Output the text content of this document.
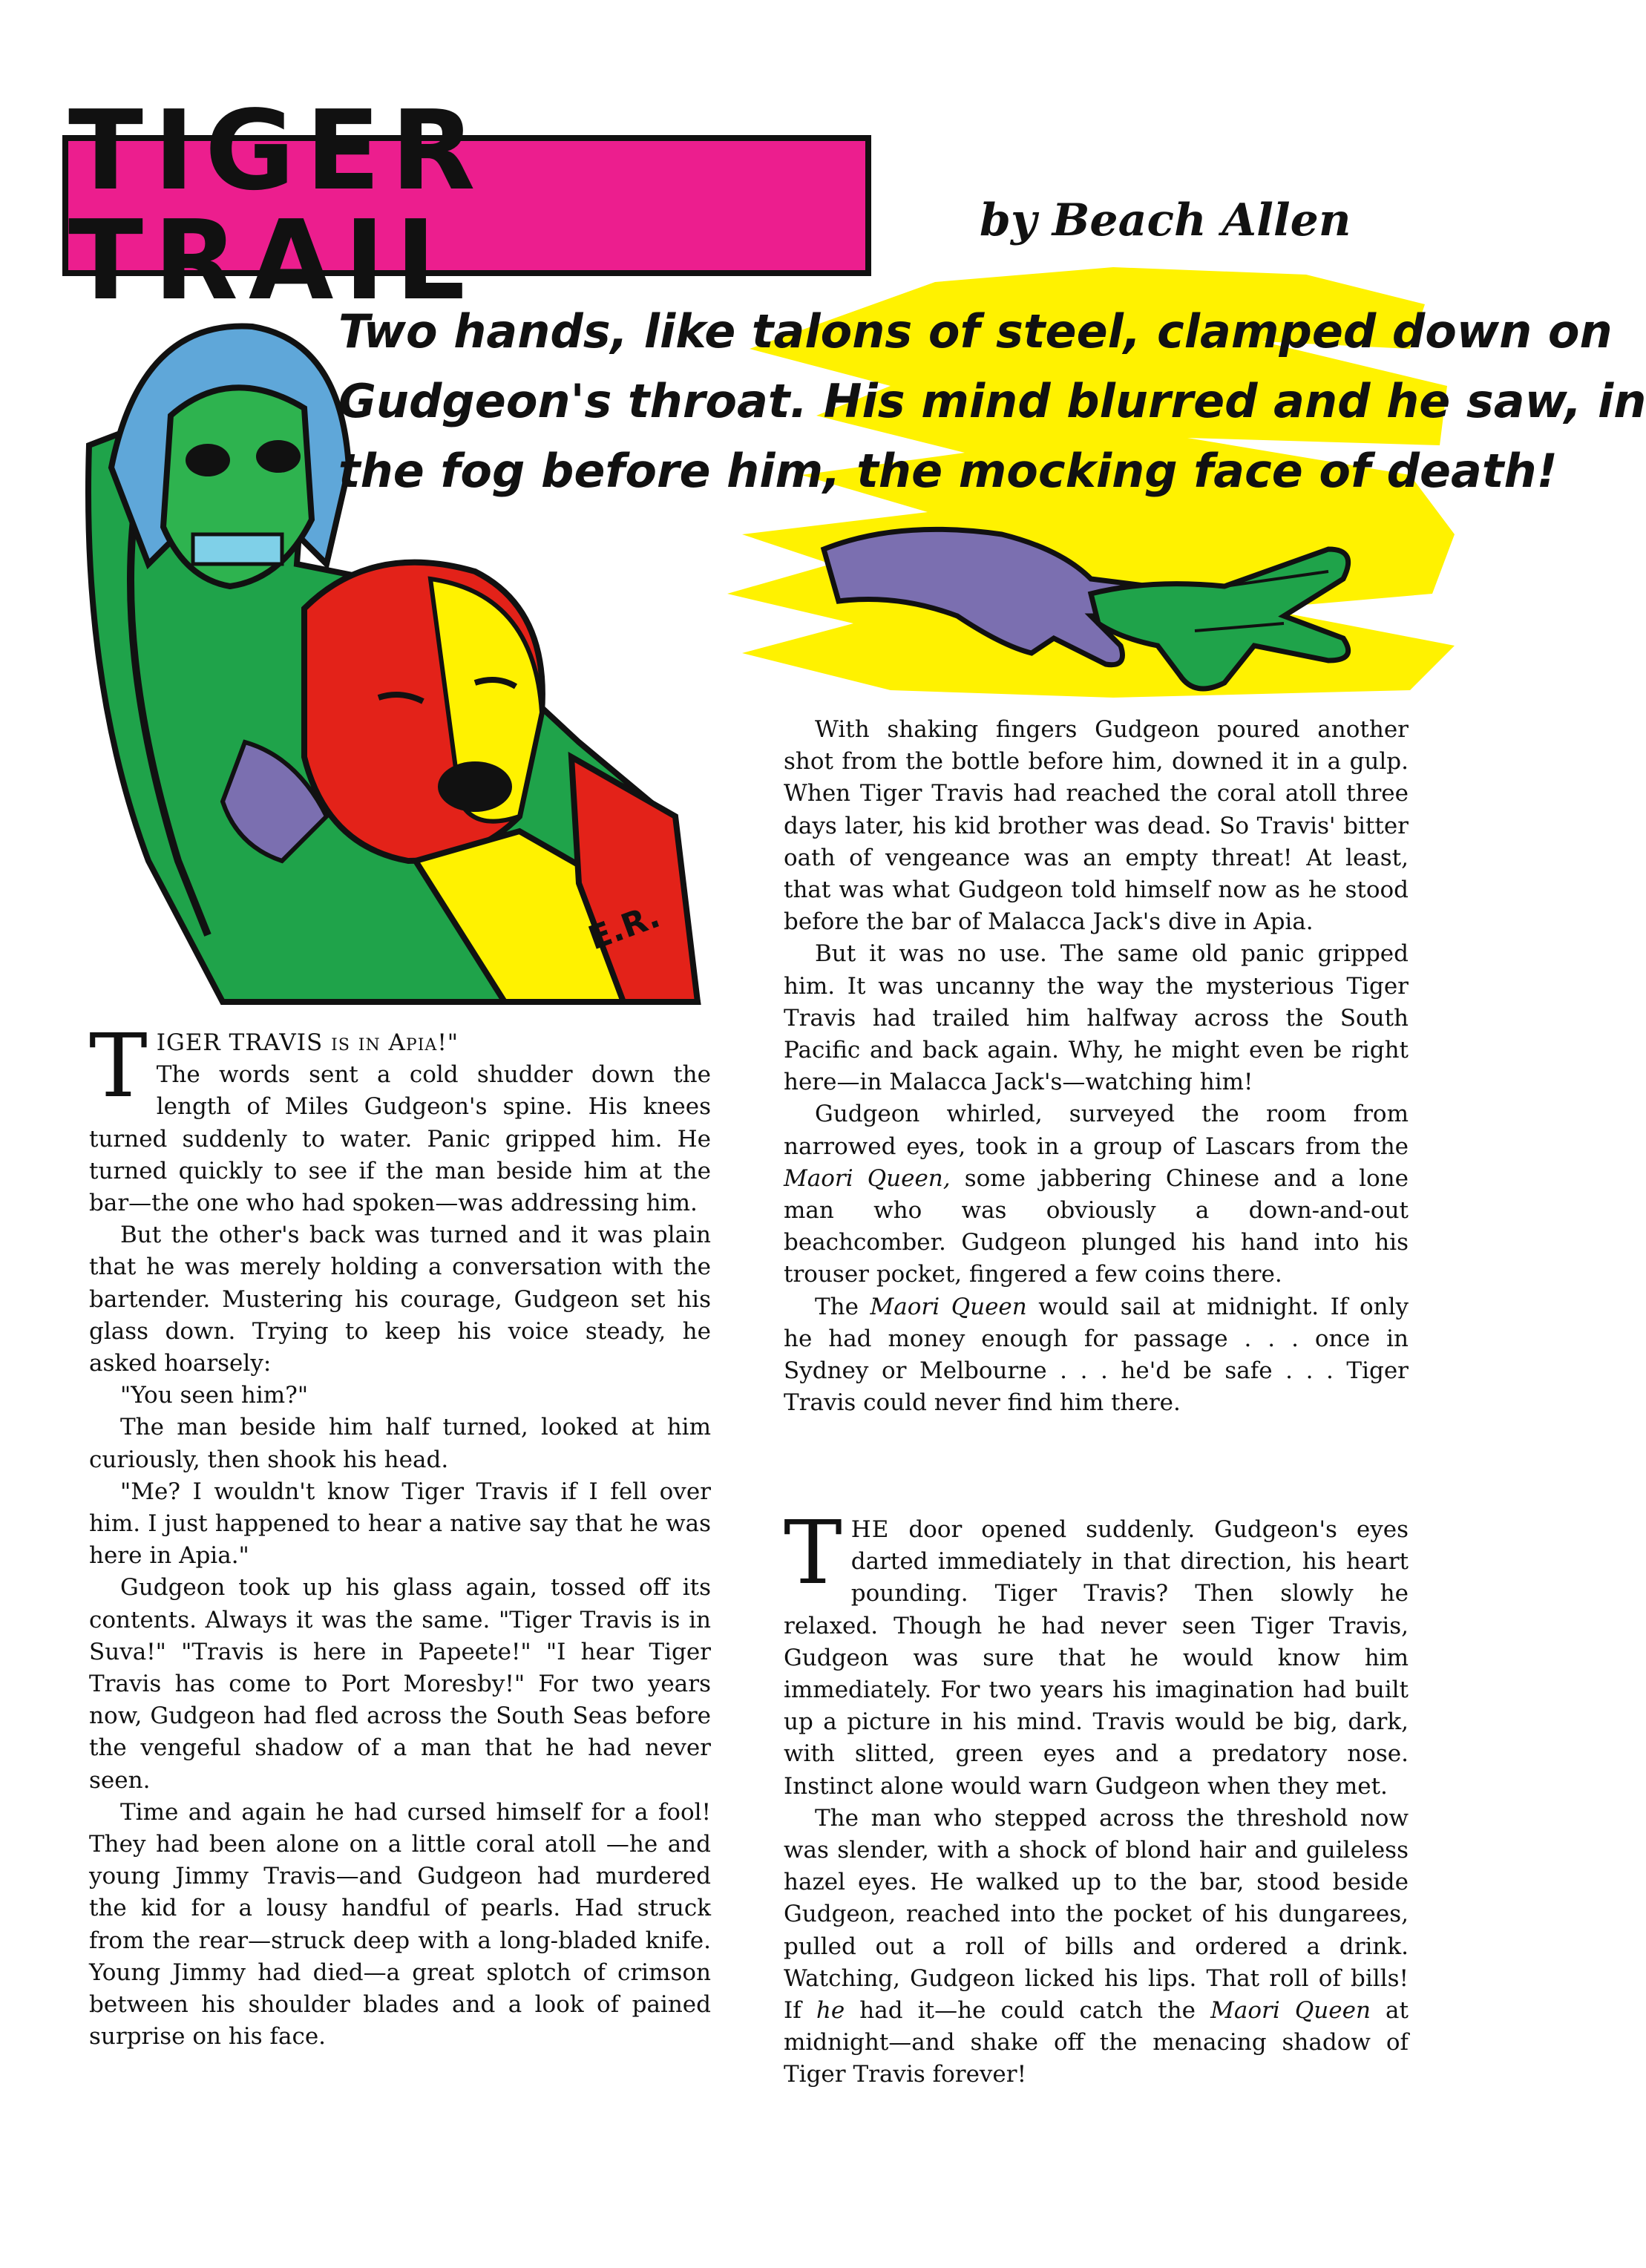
TIGER TRAIL	by Beach Allen
E.R.

Two hands, like talons of steel, clamped down on

Gudgeon's throat. His mind blurred and he saw, in

the fog before him, the mocking face of death!

TIGER TRAVIS is in Apia!"
The words sent a cold shudder down the length of Miles Gudgeon's spine. His knees turned suddenly to water. Panic gripped him. He turned quickly to see if the man beside him at the bar—the one who had spoken—was addressing him.

But the other's back was turned and it was plain that he was merely holding a conversation with the bartender. Mustering his courage, Gudgeon set his glass down. Trying to keep his voice steady, he asked hoarsely:

"You seen him?"

The man beside him half turned, looked at him curiously, then shook his head.

"Me? I wouldn't know Tiger Travis if I fell over him. I just happened to hear a native say that he was here in Apia."

Gudgeon took up his glass again, tossed off its contents. Always it was the same. "Tiger Travis is in Suva!" "Travis is here in Papeete!" "I hear Tiger Travis has come to Port Moresby!" For two years now, Gudgeon had fled across the South Seas before the vengeful shadow of a man that he had never seen.

Time and again he had cursed himself for a fool! They had been alone on a little coral atoll —he and young Jimmy Travis—and Gudgeon had murdered the kid for a lousy handful of pearls. Had struck from the rear—struck deep with a long-bladed knife. Young Jimmy had died—a great splotch of crimson between his shoulder blades and a look of pained surprise on his face.

With shaking fingers Gudgeon poured another shot from the bottle before him, downed it in a gulp. When Tiger Travis had reached the coral atoll three days later, his kid brother was dead. So Travis' bitter oath of vengeance was an empty threat! At least, that was what Gudgeon told himself now as he stood before the bar of Malacca Jack's dive in Apia.

But it was no use. The same old panic gripped him. It was uncanny the way the mysterious Tiger Travis had trailed him halfway across the South Pacific and back again. Why, he might even be right here—in Malacca Jack's—watching him!

Gudgeon whirled, surveyed the room from narrowed eyes, took in a group of Lascars from the Maori Queen, some jabbering Chinese and a lone man who was obviously a down-and-out beachcomber. Gudgeon plunged his hand into his trouser pocket, fingered a few coins there.

The Maori Queen would sail at midnight. If only he had money enough for passage . . . once in Sydney or Melbourne . . . he'd be safe . . . Tiger Travis could never find him there.

THE door opened suddenly. Gudgeon's eyes darted immediately in that direction, his heart pounding. Tiger Travis? Then slowly he relaxed. Though he had never seen Tiger Travis, Gudgeon was sure that he would know him immediately. For two years his imagination had built up a picture in his mind. Travis would be big, dark, with slitted, green eyes and a predatory nose. Instinct alone would warn Gudgeon when they met.

The man who stepped across the threshold now was slender, with a shock of blond hair and guileless hazel eyes. He walked up to the bar, stood beside Gudgeon, reached into the pocket of his dungarees, pulled out a roll of bills and ordered a drink. Watching, Gudgeon licked his lips. That roll of bills! If he had it—he could catch the Maori Queen at midnight—and shake off the menacing shadow of Tiger Travis forever!
